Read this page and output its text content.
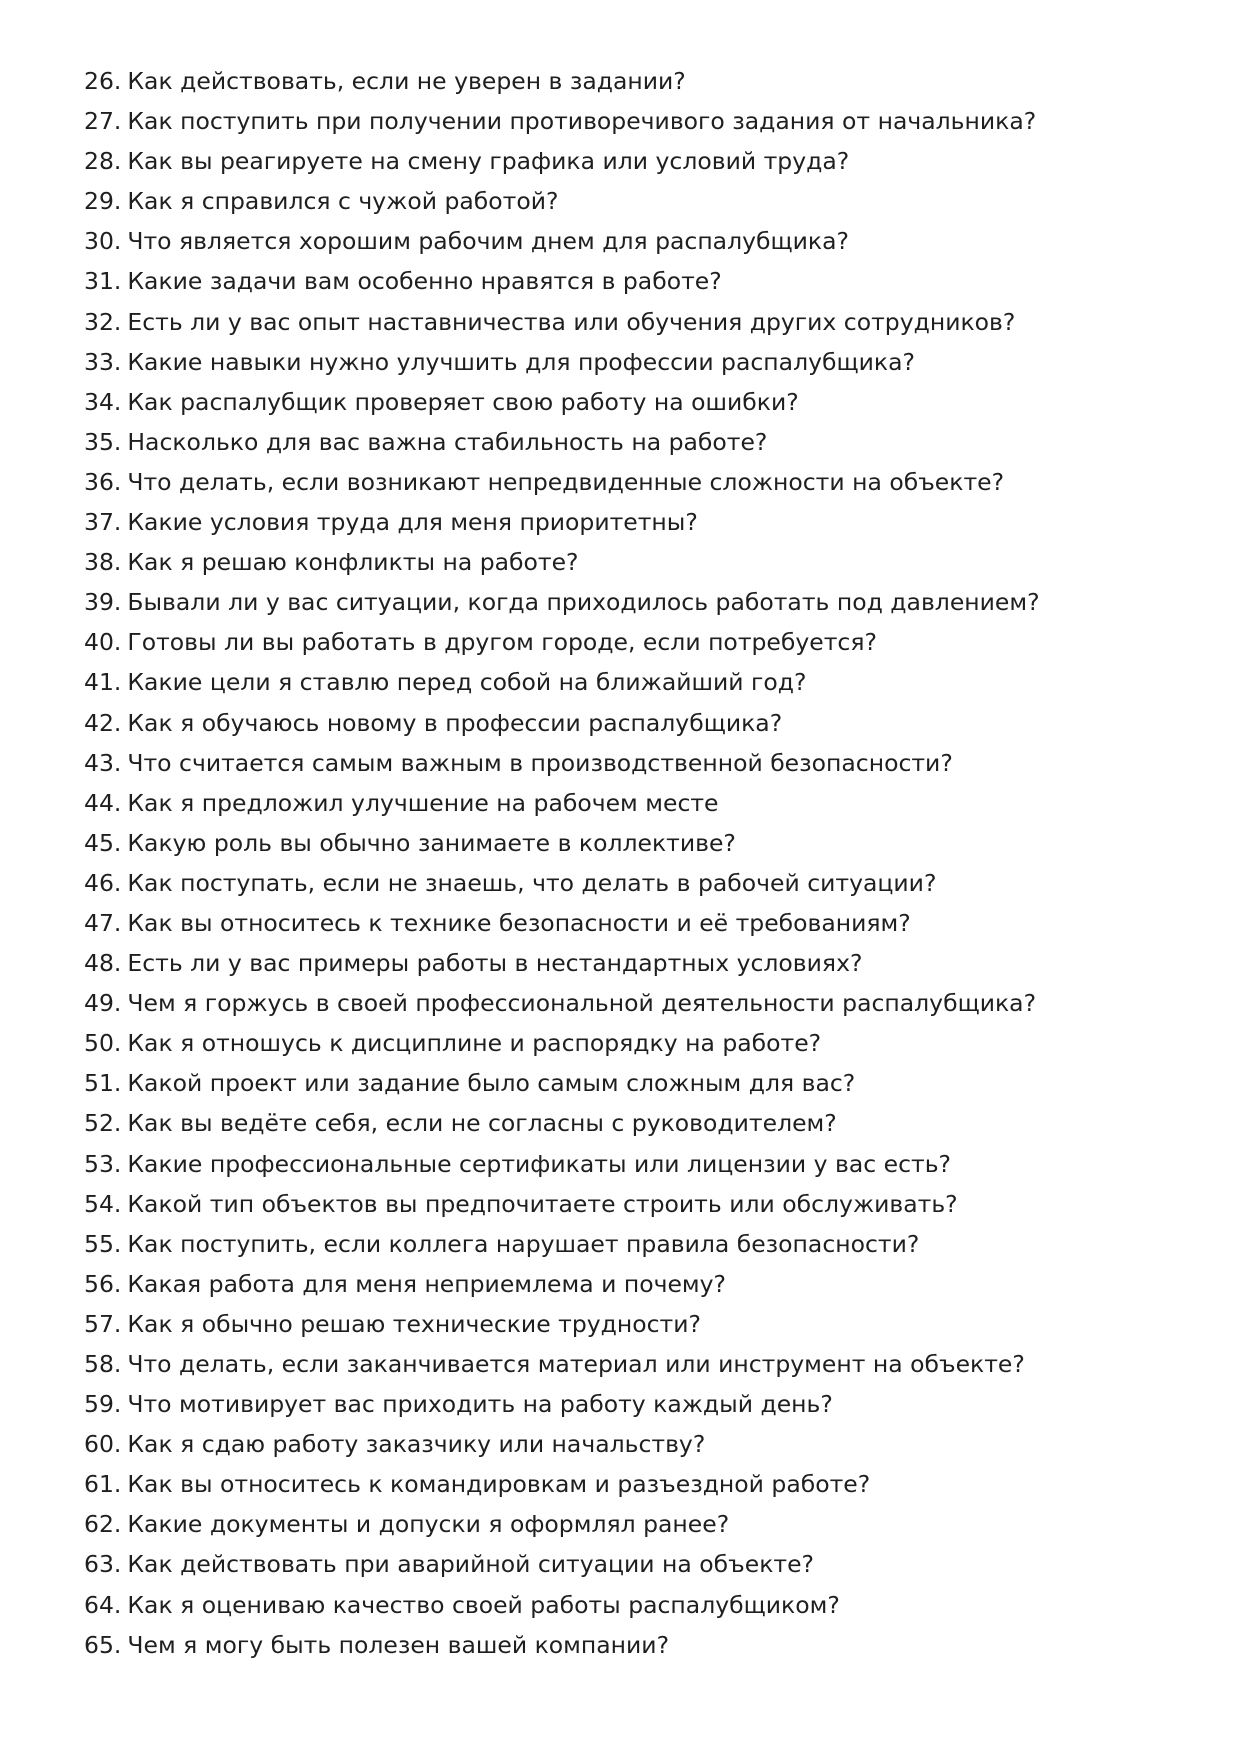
26. Как действовать, если не уверен в задании?
27. Как поступить при получении противоречивого задания от начальника?
28. Как вы реагируете на смену графика или условий труда?
29. Как я справился с чужой работой?
30. Что является хорошим рабочим днем для распалубщика?
31. Какие задачи вам особенно нравятся в работе?
32. Есть ли у вас опыт наставничества или обучения других сотрудников?
33. Какие навыки нужно улучшить для профессии распалубщика?
34. Как распалубщик проверяет свою работу на ошибки?
35. Насколько для вас важна стабильность на работе?
36. Что делать, если возникают непредвиденные сложности на объекте?
37. Какие условия труда для меня приоритетны?
38. Как я решаю конфликты на работе?
39. Бывали ли у вас ситуации, когда приходилось работать под давлением?
40. Готовы ли вы работать в другом городе, если потребуется?
41. Какие цели я ставлю перед собой на ближайший год?
42. Как я обучаюсь новому в профессии распалубщика?
43. Что считается самым важным в производственной безопасности?
44. Как я предложил улучшение на рабочем месте
45. Какую роль вы обычно занимаете в коллективе?
46. Как поступать, если не знаешь, что делать в рабочей ситуации?
47. Как вы относитесь к технике безопасности и её требованиям?
48. Есть ли у вас примеры работы в нестандартных условиях?
49. Чем я горжусь в своей профессиональной деятельности распалубщика?
50. Как я отношусь к дисциплине и распорядку на работе?
51. Какой проект или задание было самым сложным для вас?
52. Как вы ведёте себя, если не согласны с руководителем?
53. Какие профессиональные сертификаты или лицензии у вас есть?
54. Какой тип объектов вы предпочитаете строить или обслуживать?
55. Как поступить, если коллега нарушает правила безопасности?
56. Какая работа для меня неприемлема и почему?
57. Как я обычно решаю технические трудности?
58. Что делать, если заканчивается материал или инструмент на объекте?
59. Что мотивирует вас приходить на работу каждый день?
60. Как я сдаю работу заказчику или начальству?
61. Как вы относитесь к командировкам и разъездной работе?
62. Какие документы и допуски я оформлял ранее?
63. Как действовать при аварийной ситуации на объекте?
64. Как я оцениваю качество своей работы распалубщиком?
65. Чем я могу быть полезен вашей компании?
